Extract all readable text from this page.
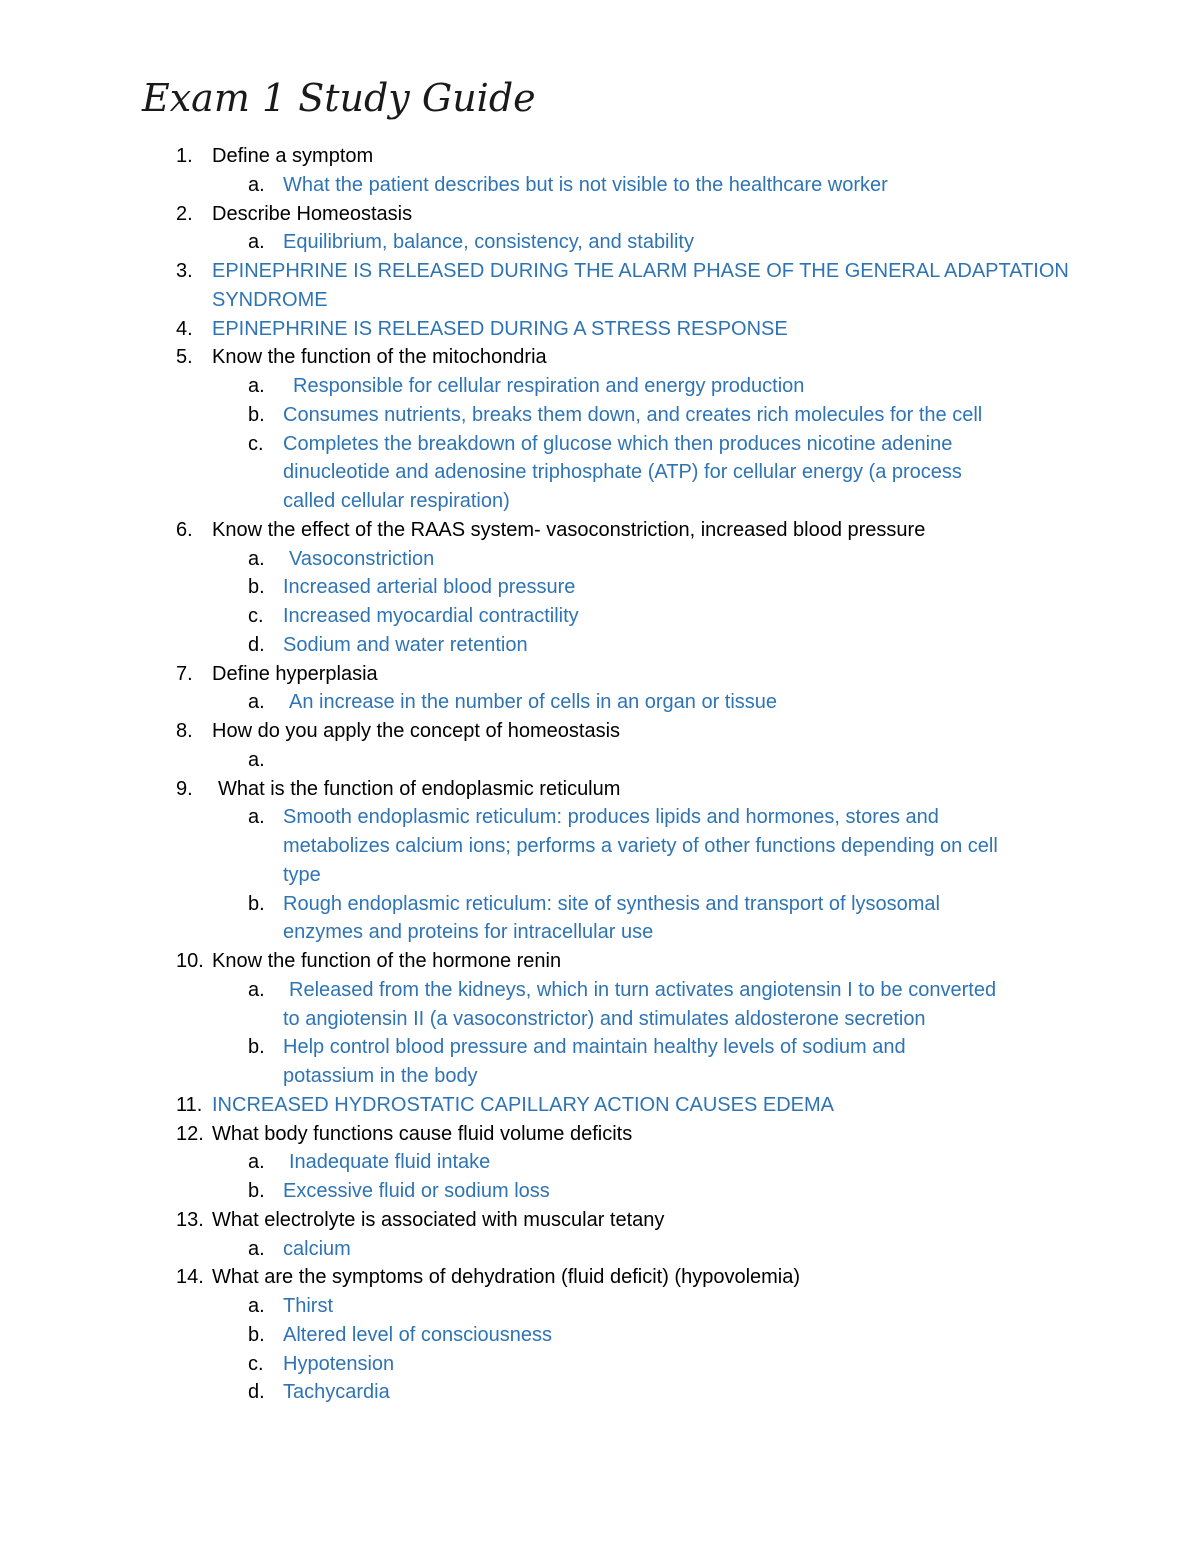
Exam 1 Study Guide
1. Define a symptom
a. What the patient describes but is not visible to the healthcare worker
2. Describe Homeostasis
a. Equilibrium, balance, consistency, and stability
3. EPINEPHRINE IS RELEASED DURING THE ALARM PHASE OF THE GENERAL ADAPTATION
SYNDROME
4. EPINEPHRINE IS RELEASED DURING A STRESS RESPONSE
5. Know the function of the mitochondria
a. Responsible for cellular respiration and energy production
b. Consumes nutrients, breaks them down, and creates rich molecules for the cell
c. Completes the breakdown of glucose which then produces nicotine adenine
dinucleotide and adenosine triphosphate (ATP) for cellular energy (a process
called cellular respiration)
6. Know the effect of the RAAS system- vasoconstriction, increased blood pressure
a. Vasoconstriction
b. Increased arterial blood pressure
c. Increased myocardial contractility
d. Sodium and water retention
7. Define hyperplasia
a. An increase in the number of cells in an organ or tissue
8. How do you apply the concept of homeostasis
a.
9. What is the function of endoplasmic reticulum
a. Smooth endoplasmic reticulum: produces lipids and hormones, stores and
metabolizes calcium ions; performs a variety of other functions depending on cell
type
b. Rough endoplasmic reticulum: site of synthesis and transport of lysosomal
enzymes and proteins for intracellular use
10. Know the function of the hormone renin
a. Released from the kidneys, which in turn activates angiotensin I to be converted
to angiotensin II (a vasoconstrictor) and stimulates aldosterone secretion
b. Help control blood pressure and maintain healthy levels of sodium and
potassium in the body
11. INCREASED HYDROSTATIC CAPILLARY ACTION CAUSES EDEMA
12. What body functions cause fluid volume deficits
a. Inadequate fluid intake
b. Excessive fluid or sodium loss
13. What electrolyte is associated with muscular tetany
a. calcium
14. What are the symptoms of dehydration (fluid deficit) (hypovolemia)
a. Thirst
b. Altered level of consciousness
c. Hypotension
d. Tachycardia
